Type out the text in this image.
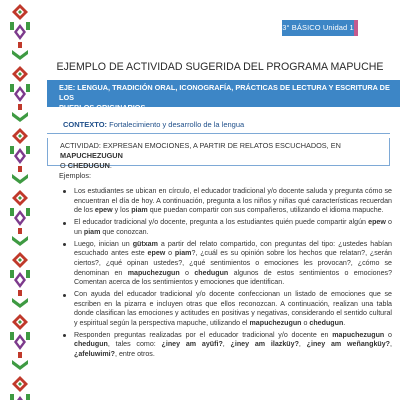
3° BÁSICO Unidad 1
EJEMPLO DE ACTIVIDAD SUGERIDA DEL PROGRAMA MAPUCHE
EJE: LENGUA, TRADICIÓN ORAL, ICONOGRAFÍA, PRÁCTICAS DE LECTURA Y ESCRITURA DE LOS
PUEBLOS ORIGINARIOS
CONTEXTO: Fortalecimiento y desarrollo de la lengua
ACTIVIDAD: EXPRESAN EMOCIONES, A PARTIR DE RELATOS ESCUCHADOS, EN MAPUCHEZUGUN
O CHEDUGUN.
Ejemplos:
Los estudiantes se ubican en círculo, el educador tradicional y/o docente saluda y pregunta cómo se encuentran el día de hoy. A continuación, pregunta a los niños y niñas qué características recuerdan de los epew y los piam que puedan compartir con sus compañeros, utilizando el idioma mapuche.
El educador tradicional y/o docente, pregunta a los estudiantes quién puede compartir algún epew o un piam que conozcan.
Luego, inician un gütxam a partir del relato compartido, con preguntas del tipo: ¿ustedes habían escuchado antes este epew o piam?, ¿cuál es su opinión sobre los hechos que relatan?, ¿serán ciertos?, ¿qué opinan ustedes?, ¿qué sentimientos o emociones les provocan?, ¿cómo se denominan en mapuchezugun o chedugun algunos de estos sentimientos o emociones? Comentan acerca de los sentimientos y emociones que identifican.
Con ayuda del educador tradicional y/o docente confeccionan un listado de emociones que se escriben en la pizarra e incluyen otras que ellos reconozcan. A continuación, realizan una tabla donde clasifican las emociones y actitudes en positivas y negativas, considerando el sentido cultural y espiritual según la perspectiva mapuche, utilizando el mapuchezugun o chedugun.
Responden preguntas realizadas por el educador tradicional y/o docente en mapuchezugun o chedugun, tales como: ¿iney am ayüfi?, ¿iney am ilazküy?, ¿iney am weñangküy?, ¿afeluwimi?, entre otros.
